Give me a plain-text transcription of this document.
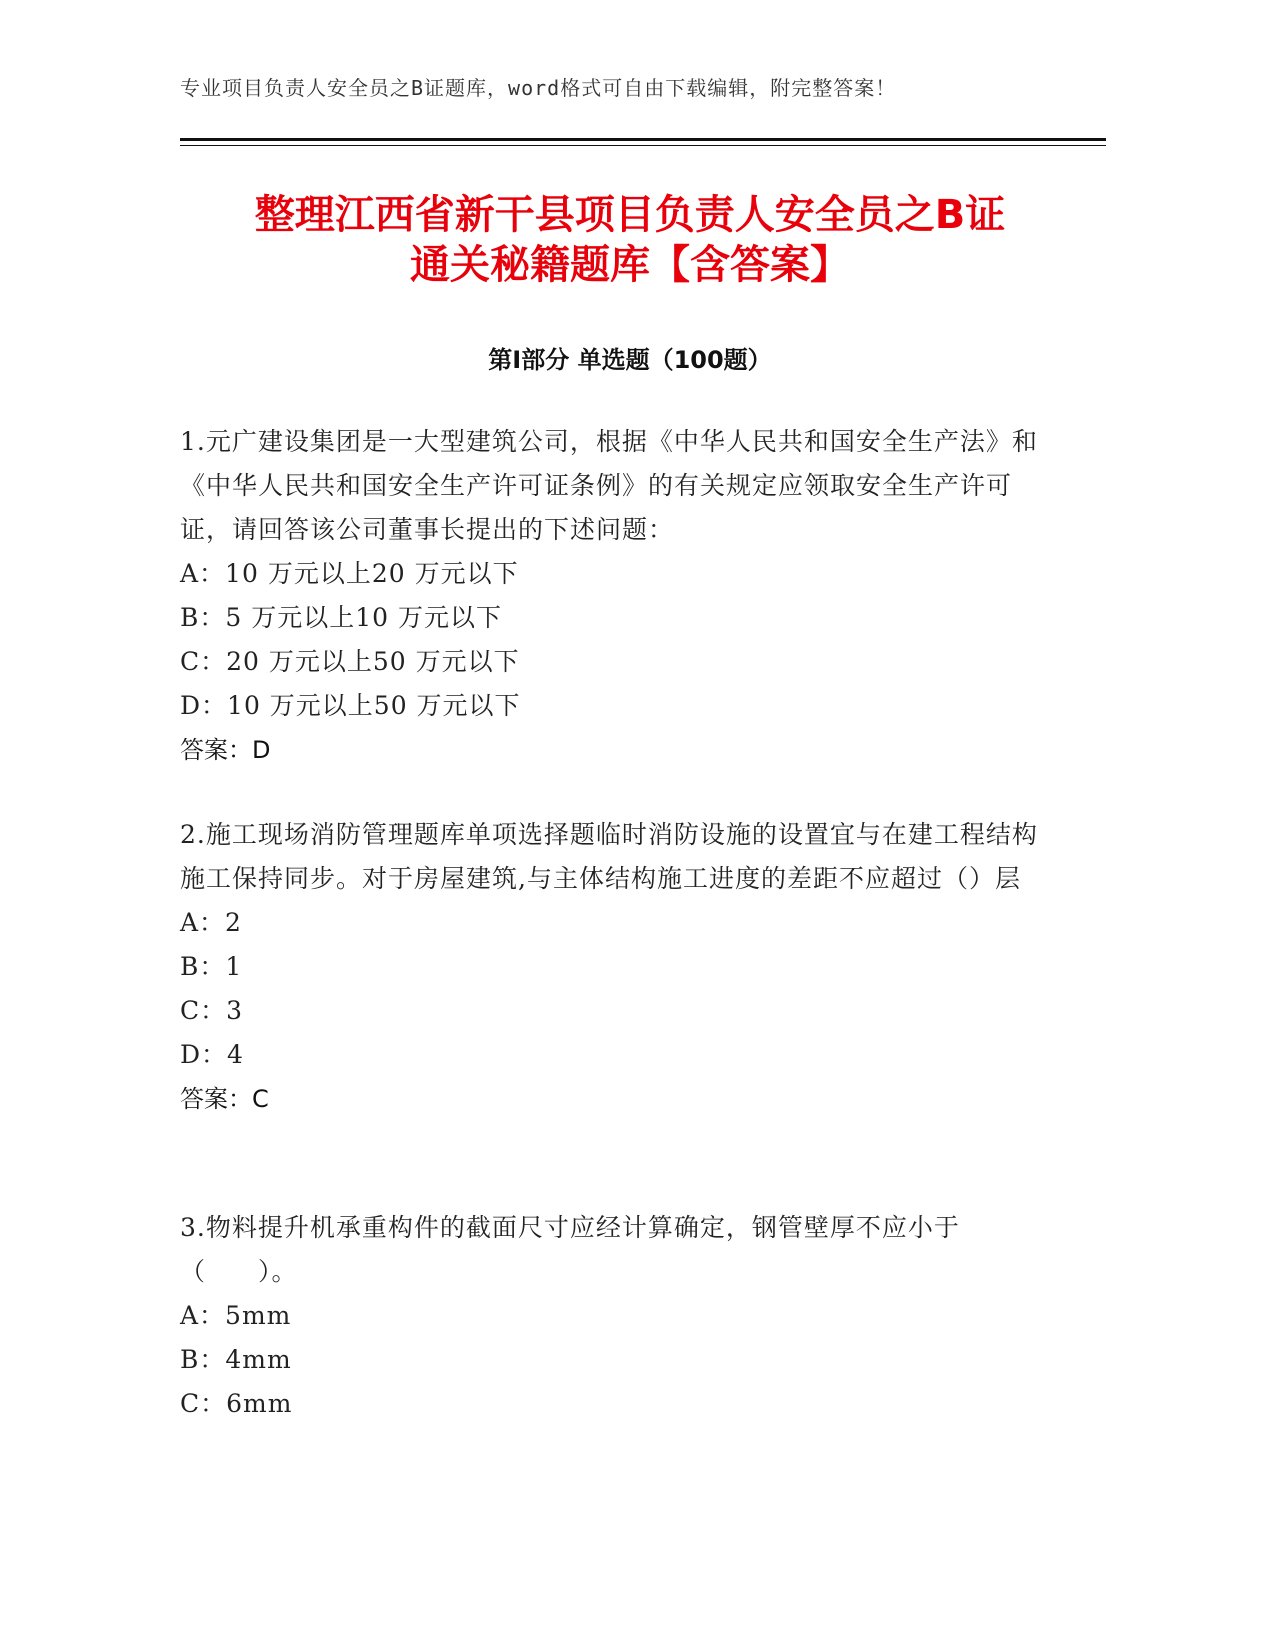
专业项目负责人安全员之B证题库，word格式可自由下载编辑，附完整答案！
整理江西省新干县项目负责人安全员之B证
通关秘籍题库【含答案】
第Ⅰ部分 单选题（100题）

1.元广建设集团是一大型建筑公司，根据《中华人民共和国安全生产法》和《中华人民共和国安全生产许可证条例》的有关规定应领取安全生产许可证，请回答该公司董事长提出的下述问题：

A：10 万元以上20 万元以下

B：5 万元以上10 万元以下

C：20 万元以上50 万元以下

D：10 万元以上50 万元以下

答案：D

2.施工现场消防管理题库单项选择题临时消防设施的设置宜与在建工程结构施工保持同步。对于房屋建筑,与主体结构施工进度的差距不应超过（）层

A：2

B：1

C：3

D：4

答案：C

3.物料提升机承重构件的截面尺寸应经计算确定，钢管壁厚不应小于（　　）。

A：5mm

B：4mm

C：6mm
